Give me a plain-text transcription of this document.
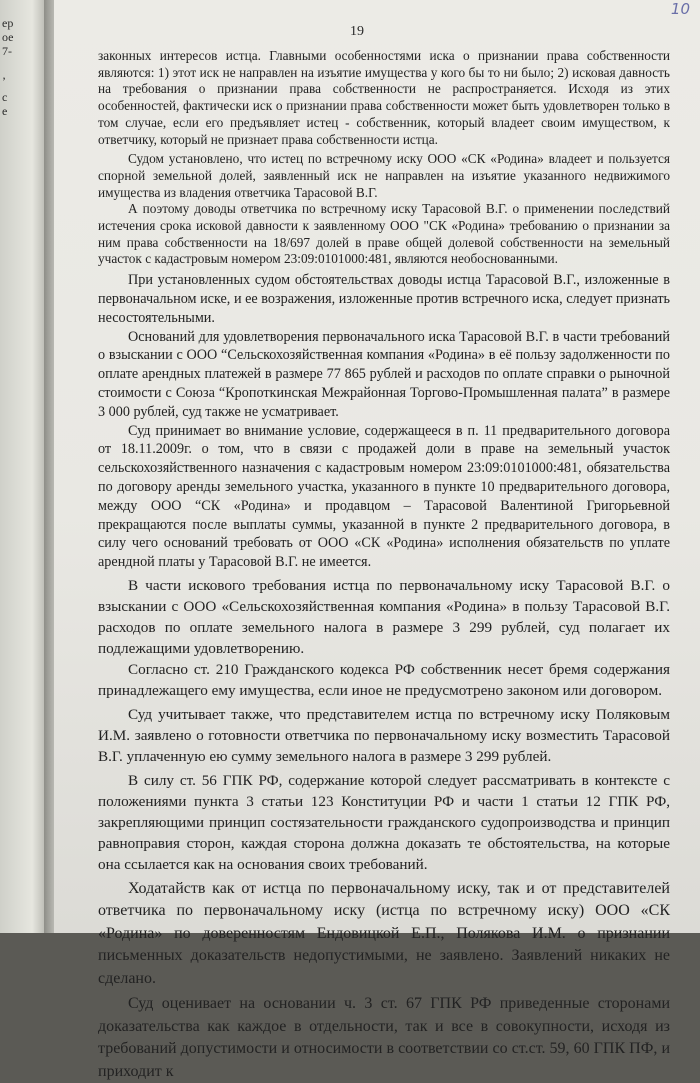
ер
ое
7-
’
с
е
19
10

законных интересов истца. Главными особенностями иска о признании права собственности являются: 1) этот иск не направлен на изъятие имущества у кого бы то ни было; 2) исковая давность на требования о признании права собственности не распространяется. Исходя из этих особенностей, фактически иск о признании права собственности может быть удовлетворен только в том случае, если его предъявляет истец - собственник, который владеет своим имуществом, к ответчику, который не признает права собственности истца.

Судом установлено, что истец по встречному иску ООО «СК «Родина» владеет и пользуется спорной земельной долей, заявленный иск не направлен на изъятие указанного недвижимого имущества из владения ответчика Тарасовой В.Г.

А поэтому доводы ответчика по встречному иску Тарасовой В.Г. о применении последствий истечения срока исковой давности к заявленному ООО "СК «Родина» требованию о признании за ним права собственности на 18/697 долей в праве общей долевой собственности на земельный участок с кадастровым номером 23:09:0101000:481, являются необоснованными.

При установленных судом обстоятельствах доводы истца Тарасовой В.Г., изложенные в первоначальном иске, и ее возражения, изложенные против встречного иска, следует признать несостоятельными.

Оснований для удовлетворения первоначального иска Тарасовой В.Г. в части требований о взыскании с ООО “Сельскохозяйственная компания «Родина» в её пользу задолженности по оплате арендных платежей в размере 77 865 рублей и расходов по оплате справки о рыночной стоимости с Союза “Кропоткинская Межрайонная Торгово-Промышленная палата” в размере 3 000 рублей, суд также не усматривает.

Суд принимает во внимание условие, содержащееся в п. 11 предварительного договора от 18.11.2009г. о том, что в связи с продажей доли в праве на земельный участок сельскохозяйственного назначения с кадастровым номером 23:09:0101000:481, обязательства по договору аренды земельного участка, указанного в пункте 10 предварительного договора, между ООО “СК «Родина» и продавцом – Тарасовой Валентиной Григорьевной прекращаются после выплаты суммы, указанной в пункте 2 предварительного договора, в силу чего оснований требовать от ООО «СК «Родина» исполнения обязательств по уплате арендной платы у Тарасовой В.Г. не имеется.

В части искового требования истца по первоначальному иску Тарасовой В.Г. о взыскании с ООО «Сельскохозяйственная компания «Родина» в пользу Тарасовой В.Г. расходов по оплате земельного налога в размере 3 299 рублей, суд полагает их подлежащими удовлетворению.

Согласно ст. 210 Гражданского кодекса РФ собственник несет бремя содержания принадлежащего ему имущества, если иное не предусмотрено законом или договором.

Суд учитывает также, что представителем истца по встречному иску Поляковым И.М. заявлено о готовности ответчика по первоначальному иску возместить Тарасовой В.Г. уплаченную ею сумму земельного налога в размере 3 299 рублей.

В силу ст. 56 ГПК РФ, содержание которой следует рассматривать в контексте с положениями пункта 3 статьи 123 Конституции РФ и части 1 статьи 12 ГПК РФ, закрепляющими принцип состязательности гражданского судопроизводства и принцип равноправия сторон, каждая сторона должна доказать те обстоятельства, на которые она ссылается как на основания своих требований.

Ходатайств как от истца по первоначальному иску, так и от представителей ответчика по первоначальному иску (истца по встречному иску) ООО «СК «Родина» по доверенностям Ендовицкой Е.П., Полякова И.М. о признании письменных доказательств недопустимыми, не заявлено. Заявлений никаких не сделано.

Суд оценивает на основании ч. 3 ст. 67 ГПК РФ приведенные сторонами доказательства как каждое в отдельности, так и все в совокупности, исходя из требований допустимости и относимости в соответствии со ст.ст. 59, 60 ГПК ПФ, и приходит к
